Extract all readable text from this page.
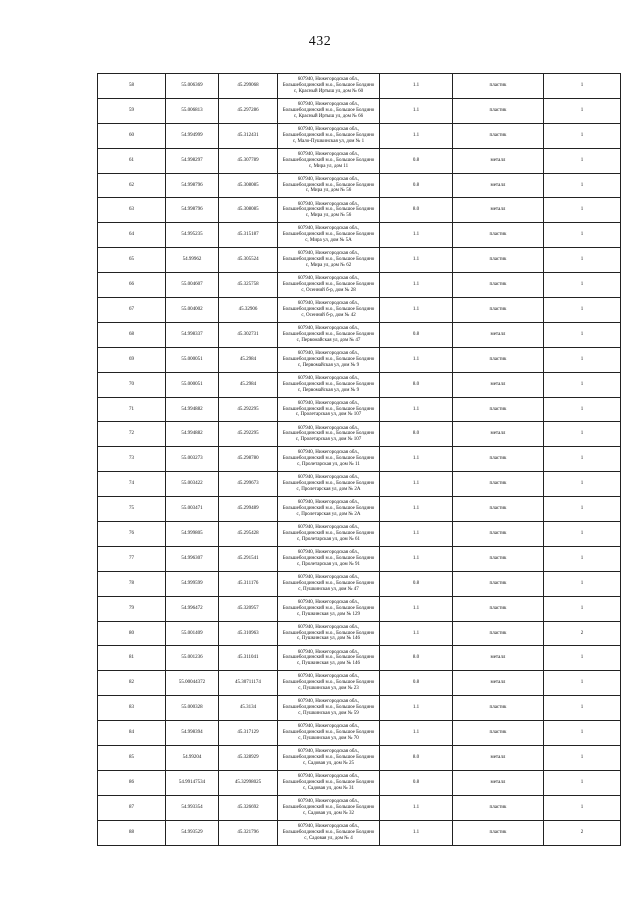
432
58	55.006369	45.299068	607940, Нижегородская обл.,
Большеболдинский м.о., Большое Болдино
с, Красный Иртыш ул, дом № 60	1.1	пластик	1
59	55.006813	45.297286	607940, Нижегородская обл.,
Большеболдинский м.о., Большое Болдино
с, Красный Иртыш ул, дом № 66	1.1	пластик	1
60	54.994999	45.312431	607940, Нижегородская обл.,
Большеболдинский м.о., Большое Болдино
с, Мало-Пушкинская ул, дом № 1	1.1	пластик	1
61	54.998297	45.307789	607940, Нижегородская обл.,
Большеболдинский м.о., Большое Болдино
с, Мира ул, дом 11	0.8	металл	1
62	54.998796	45.308085	607940, Нижегородская обл.,
Большеболдинский м.о., Большое Болдино
с, Мира ул, дом № 56	0.8	металл	1
63	54.998796	45.308085	607940, Нижегородская обл.,
Большеболдинский м.о., Большое Болдино
с, Мира ул, дом № 56	8.0	металл	1
64	54.995235	45.315187	607940, Нижегородская обл.,
Большеболдинский м.о., Большое Болдино
с, Мира ул, дом № 5А	1.1	пластик	1
65	54.99962	45.305524	607940, Нижегородская обл.,
Большеболдинский м.о., Большое Болдино
с, Мира ул, дом № 62	1.1	пластик	1
66	55.004607	45.325758	607940, Нижегородская обл.,
Большеболдинский м.о., Большое Болдино
с, Осенний б-р, дом № 28	1.1	пластик	1
67	55.004002	45.32906	607940, Нижегородская обл.,
Большеболдинский м.о., Большое Болдино
с, Осенний б-р, дом № 42	1.1	пластик	1
68	54.998337	45.302731	607940, Нижегородская обл.,
Большеболдинский м.о., Большое Болдино
с, Первомайская ул, дом № 47	0.8	металл	1
69	55.000051	45.2984	607940, Нижегородская обл.,
Большеболдинский м.о., Большое Болдино
с, Первомайская ул, дом № 9	1.1	пластик	1
70	55.000051	45.2984	607940, Нижегородская обл.,
Большеболдинский м.о., Большое Болдино
с, Первомайская ул, дом № 9	8.0	металл	1
71	54.994882	45.292295	607940, Нижегородская обл.,
Большеболдинский м.о., Большое Болдино
с, Пролетарская ул, дом № 107	1.1	пластик	1
72	54.994882	45.292295	607940, Нижегородская обл.,
Большеболдинский м.о., Большое Болдино
с, Пролетарская ул, дом № 107	8.0	металл	1
73	55.003273	45.298780	607940, Нижегородская обл.,
Большеболдинский м.о., Большое Болдино
с, Пролетарская ул, дом № 11	1.1	пластик	1
74	55.003422	45.299673	607940, Нижегородская обл.,
Большеболдинский м.о., Большое Болдино
с, Пролетарская ул, дом № 2А	1.1	пластик	1
75	55.003471	45.299489	607940, Нижегородская обл.,
Большеболдинский м.о., Большое Болдино
с, Пролетарская ул, дом № 2А	1.1	пластик	1
76	54.999805	45.295428	607940, Нижегородская обл.,
Большеболдинский м.о., Большое Болдино
с, Пролетарская ул, дом № 61	1.1	пластик	1
77	54.996307	45.291541	607940, Нижегородская обл.,
Большеболдинский м.о., Большое Болдино
с, Пролетарская ул, дом № 91	1.1	пластик	1
78	54.999599	45.311176	607940, Нижегородская обл.,
Большеболдинский м.о., Большое Болдино
с, Пушкинская ул, дом № 47	0.8	пластик	1
79	54.996472	45.320957	607940, Нижегородская обл.,
Большеболдинский м.о., Большое Болдино
с, Пушкинская ул, дом № 129	1.1	пластик	1
80	55.001409	45.310963	607940, Нижегородская обл.,
Большеболдинский м.о., Большое Болдино
с, Пушкинская ул, дом № 146	1.1	пластик	2
81	55.001236	45.311041	607940, Нижегородская обл.,
Большеболдинский м.о., Большое Болдино
с, Пушкинская ул, дом № 146	8.0	металл	1
82	55.00044372	45.30711174	607940, Нижегородская обл.,
Большеболдинский м.о., Большое Болдино
с, Пушкинская ул, дом № 23	0.8	металл	1
83	55.000328	45.3134	607940, Нижегородская обл.,
Большеболдинский м.о., Большое Болдино
с, Пушкинская ул, дом № 59	1.1	пластик	1
84	54.998394	45.317129	607940, Нижегородская обл.,
Большеболдинский м.о., Большое Болдино
с, Пушкинская ул, дом № 70	1.1	пластик	1
85	54.99204	45.328929	607940, Нижегородская обл.,
Большеболдинский м.о., Большое Болдино
с, Садовая ул, дом № 25	8.0	металл	1
86	54.99147534	45.32998025	607940, Нижегородская обл.,
Большеболдинский м.о., Большое Болдино
с, Садовая ул, дом № 31	0.8	металл	1
87	54.993354	45.326692	607940, Нижегородская обл.,
Большеболдинский м.о., Большое Болдино
с, Садовая ул, дом № 32	1.1	пластик	1
88	54.993529	45.321796	607940, Нижегородская обл.,
Большеболдинский м.о., Большое Болдино
с, Садовая ул, дом № 4	1.1	пластик	2
